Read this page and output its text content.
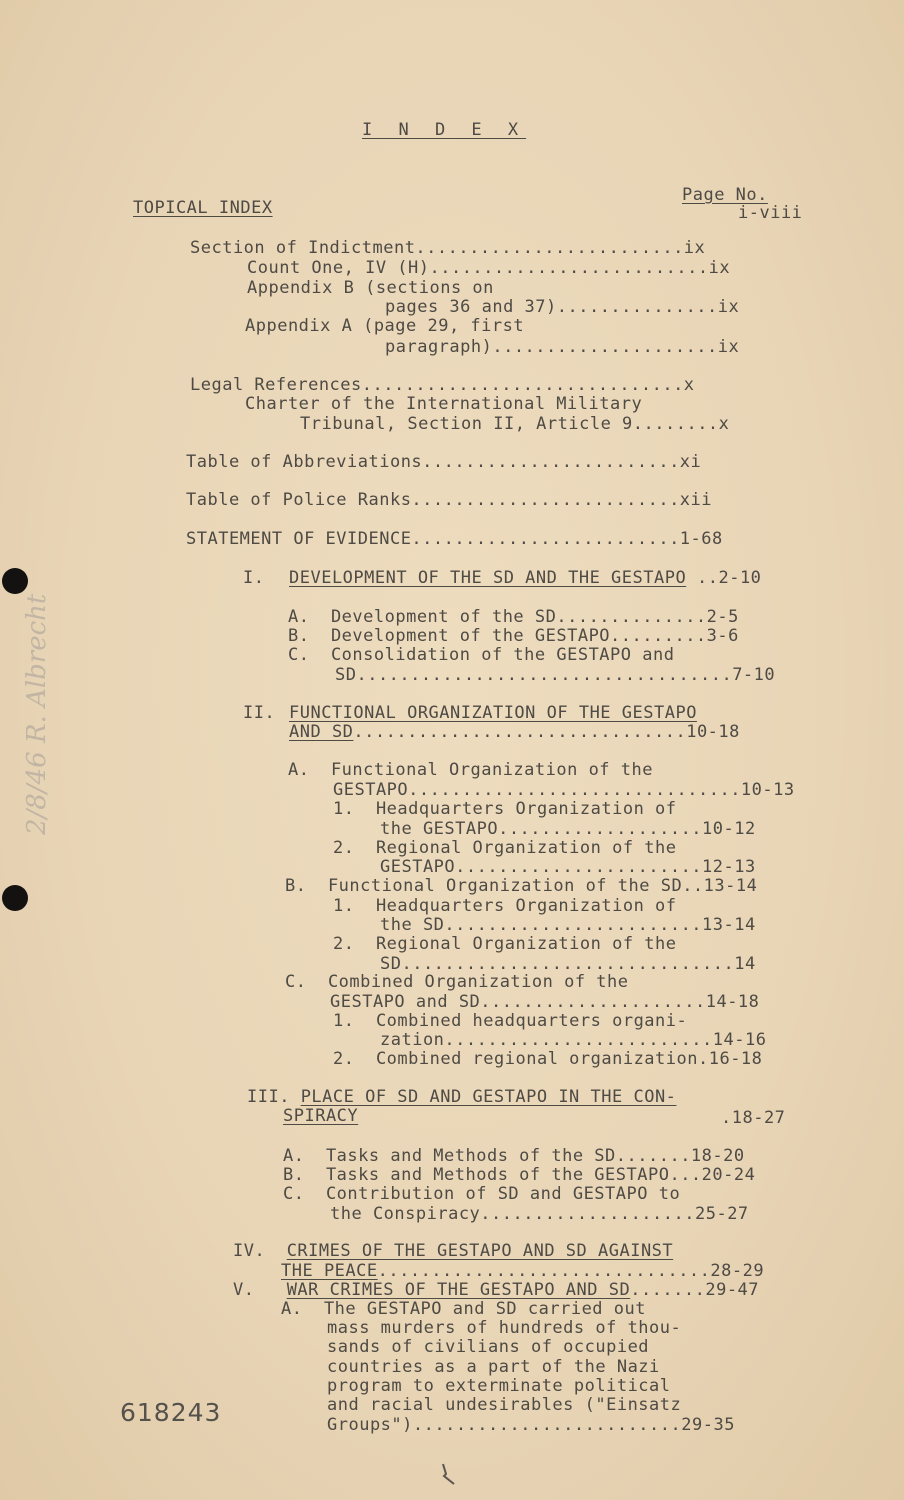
I N D E X
TOPICAL INDEX
Page No.
i-viii
Section of Indictment.........................ix
Count One, IV (H)..........................ix
Appendix B (sections on
pages 36 and 37)...............ix
Appendix A (page 29, first
paragraph).....................ix
Legal References..............................x
Charter of the International Military
Tribunal, Section II, Article 9........x
Table of Abbreviations........................xi
Table of Police Ranks.........................xii
STATEMENT OF EVIDENCE.........................1-68
I. DEVELOPMENT OF THE SD AND THE GESTAPO ..2-10
II. FUNCTIONAL ORGANIZATION OF THE GESTAPO
AND SD...............................10-18
A.  Development of the SD..............2-5
B.  Development of the GESTAPO.........3-6
C.  Consolidation of the GESTAPO and
SD...................................7-10
A.  Functional Organization of the
GESTAPO...............................10-13
1.  Headquarters Organization of
the GESTAPO...................10-12
2.  Regional Organization of the
GESTAPO.......................12-13
B.  Functional Organization of the SD..13-14
1.  Headquarters Organization of
the SD........................13-14
2.  Regional Organization of the
SD...............................14
C.  Combined Organization of the
GESTAPO and SD.....................14-18
1.  Combined headquarters organi-
zation.........................14-16
2.  Combined regional organization.16-18
III. PLACE OF SD AND GESTAPO IN THE CON-
SPIRACY	.18-27
A.  Tasks and Methods of the SD.......18-20
B.  Tasks and Methods of the GESTAPO...20-24
C.  Contribution of SD and GESTAPO to
the Conspiracy....................25-27
IV.  CRIMES OF THE GESTAPO AND SD AGAINST
THE PEACE...............................28-29
V.   WAR CRIMES OF THE GESTAPO AND SD.......29-47
A.  The GESTAPO and SD carried out
mass murders of hundreds of thou-
sands of civilians of occupied
countries as a part of the Nazi
program to exterminate political
and racial undesirables ("Einsatz
Groups").........................29-35
2/8/46 R. Albrecht
618243
